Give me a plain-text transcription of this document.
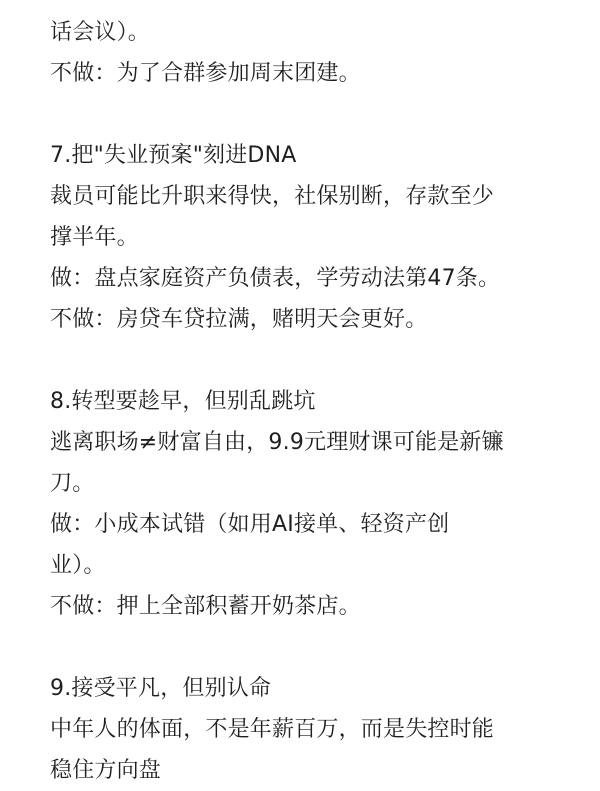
话会议）。
不做：为了合群参加周末团建。
7.把"失业预案"刻进DNA
裁员可能比升职来得快，社保别断，存款至少
撑半年。
做：盘点家庭资产负债表，学劳动法第47条。
不做：房贷车贷拉满，赌明天会更好。
8.转型要趁早，但别乱跳坑
逃离职场≠财富自由，9.9元理财课可能是新镰
刀。
做：小成本试错（如用AI接单、轻资产创
业）。
不做：押上全部积蓄开奶茶店。
9.接受平凡，但别认命
中年人的体面，不是年薪百万，而是失控时能
稳住方向盘
